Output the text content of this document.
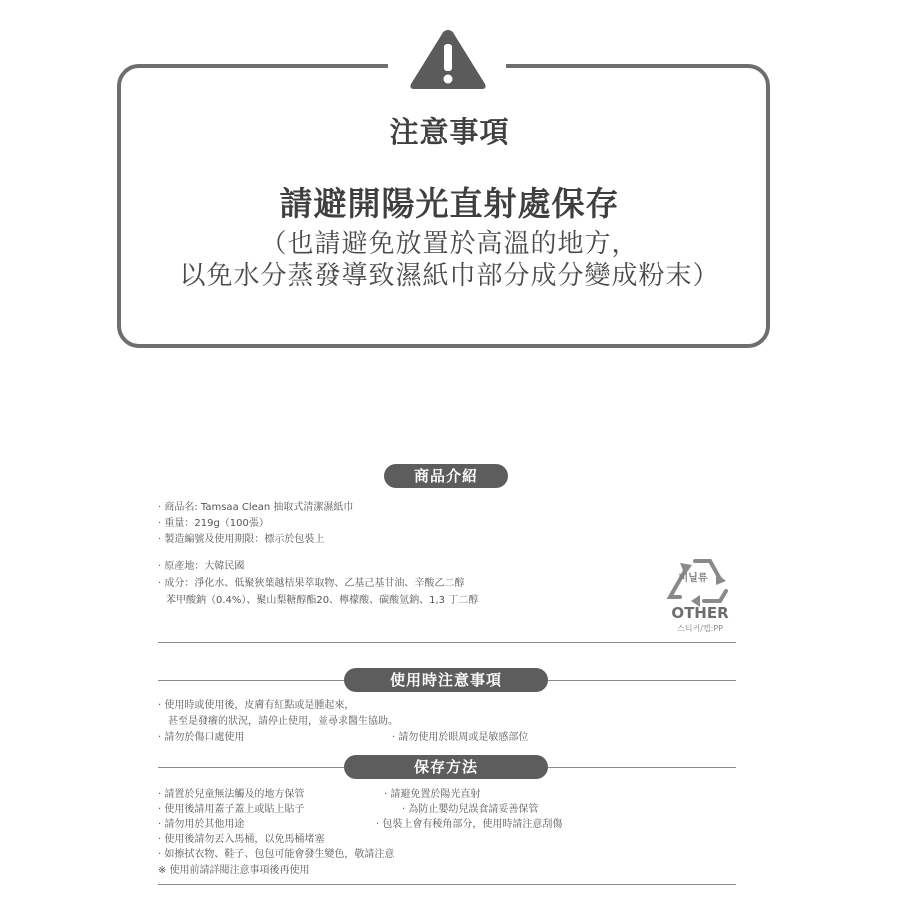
注意事項
請避開陽光直射處保存
（也請避免放置於高溫的地方，
以免水分蒸發導致濕紙巾部分成分變成粉末）
商品介紹
· 商品名: Tamsaa Clean 抽取式清潔濕紙巾
· 重量：219g（100張）
· 製造編號及使用期限：標示於包裝上
· 原產地：大韓民國
· 成分：淨化水、低聚狹葉越桔果萃取物、乙基己基甘油、辛酸乙二醇
苯甲酸鈉（0.4%）、聚山梨糖醇酯20、檸檬酸、碳酸氫鈉、1,3 丁二醇
비닐류
OTHER
스티커/캡:PP
使用時注意事項
· 使用時或使用後，皮膚有紅點或是腫起來，
甚至是發癢的狀況，請停止使用，並尋求醫生協助。
· 請勿於傷口處使用	· 請勿使用於眼周或是敏感部位
保存方法
· 請置於兒童無法觸及的地方保管
· 使用後請用蓋子蓋上或貼上貼子
· 請勿用於其他用途
· 使用後請勿丟入馬桶，以免馬桶堵塞
· 如擦拭衣物、鞋子、包包可能會發生變色，敬請注意
※ 使用前請詳閱注意事項後再使用
· 請避免置於陽光直射
· 為防止嬰幼兒誤食請妥善保管
· 包裝上會有稜角部分，使用時請注意刮傷
